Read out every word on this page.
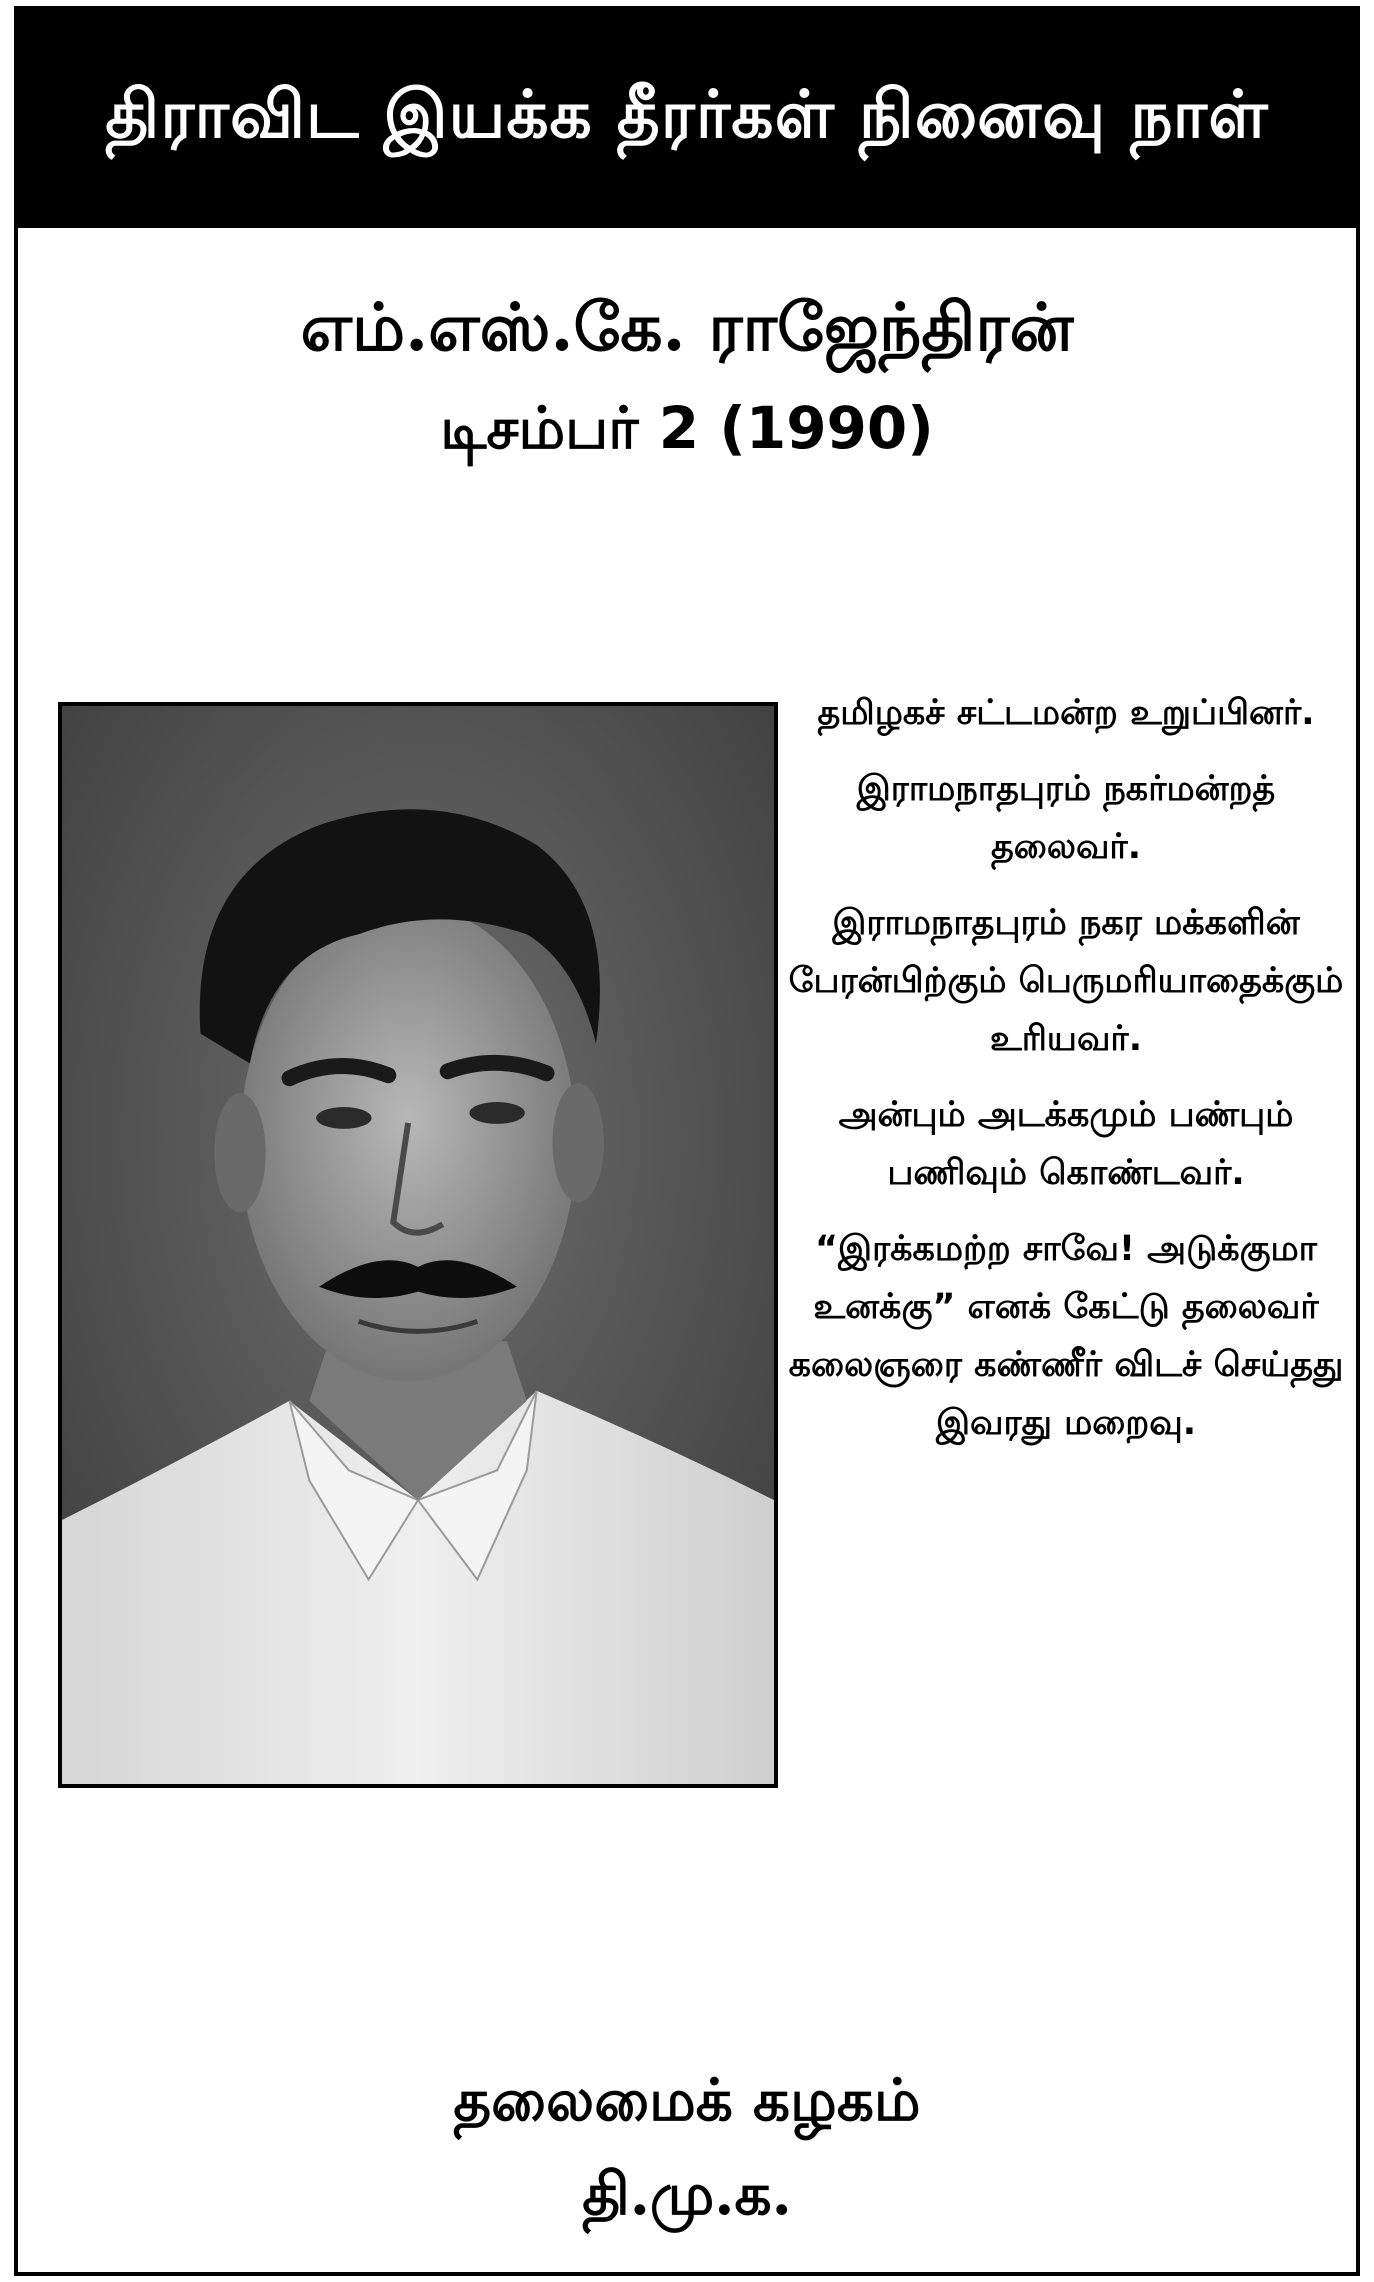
திராவிட இயக்க தீரர்கள் நினைவு நாள்
எம்.எஸ்.கே. ராஜேந்திரன்
டிசம்பர் 2 (1990)
தமிழகச் சட்டமன்ற உறுப்பினர்.
இராமநாதபுரம் நகர்மன்றத் தலைவர்.
இராமநாதபுரம் நகர மக்களின் பேரன்பிற்கும் பெருமரியாதைக்கும் உரியவர்.
அன்பும் அடக்கமும் பண்பும் பணிவும் கொண்டவர்.
“இரக்கமற்ற சாவே! அடுக்குமா உனக்கு” எனக் கேட்டு தலைவர் கலைஞரை கண்ணீர் விடச் செய்தது இவரது மறைவு.
தலைமைக் கழகம்
தி.மு.க.
